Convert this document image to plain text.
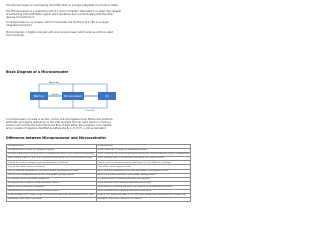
The microprocessor is a processing Unit (CPU) built on a single integrated circuit (IC) is called
The Microprocessor is a controlling unit of a micro-computer, fabricated on a small chip capable
of performing ALU (Arithmetic Logical Unit) operations and communicating with the other
devices connected to it.
A microprocessor is a processor which incorporates the functions of a CPU on a single
integrated circuit (IC).
Microcomputer: A digital computer with one microprocessor which acts as a CPU is called
microcomputer.
Block Diagram of a Microcomputer
Memory	Microprocessor	I/O
Address Bus
Data Bus
Control Bus
A microprocessor consists of an ALU, control unit and register array. Where ALU performs
arithmetic and logical operations on the data received from an input device or memory.
Control unit controls the instructions and flow of data within the computer. And, register
array consists of registers identified by letters like B, C, D, E, H, L, and accumulator.
Difference between Microprocessor and Microcontroller
Microprocessor	Microcontroller
Microprocessor is heart of Computer system.	Micro Controller is a heart of embedded system.
It is just a processor. Memory and I/O components have to be connected externally	Micro Controller has external processor along with internal memory and I/O components
Since memory and I/O has to be connected externally, the circuit becomes large.	Since memory and I/O are present internally, the circuit is small.
Cannot be used in compact systems and hence inefficient	Can be used in compact systems and hence it is an efficient technique
Cost of the entire system increases	Cost of the entire system is low
Due to external components, the entire power consumption is high.	Since external components are low, total power consumption is less.
Most of the microprocessors do not have power saving features.	Most of the micro controllers have power saving modes
It is mainly used in personal computers	It is used mainly in washing machine, MP3 players
Microprocessor is based on Von Neumann model	Micro controllers are based on Harvard architecture
Mainly used in personal computers.	Used mainly in washing machine, MP3 players, and embedded systems.
Microprocessor is based on Von Neumann model	Micro controllers are based on Harvard architecture
It has no RAM, ROM, Input-Output units, timers, and other peripherals on the chip.	It has a CPU along with RAM, ROM, and other peripherals embedded on a single chip.
Examples: Intel 8085, Intel 8086	Examples: Intel 8051, AT89C51, PIC16F877
